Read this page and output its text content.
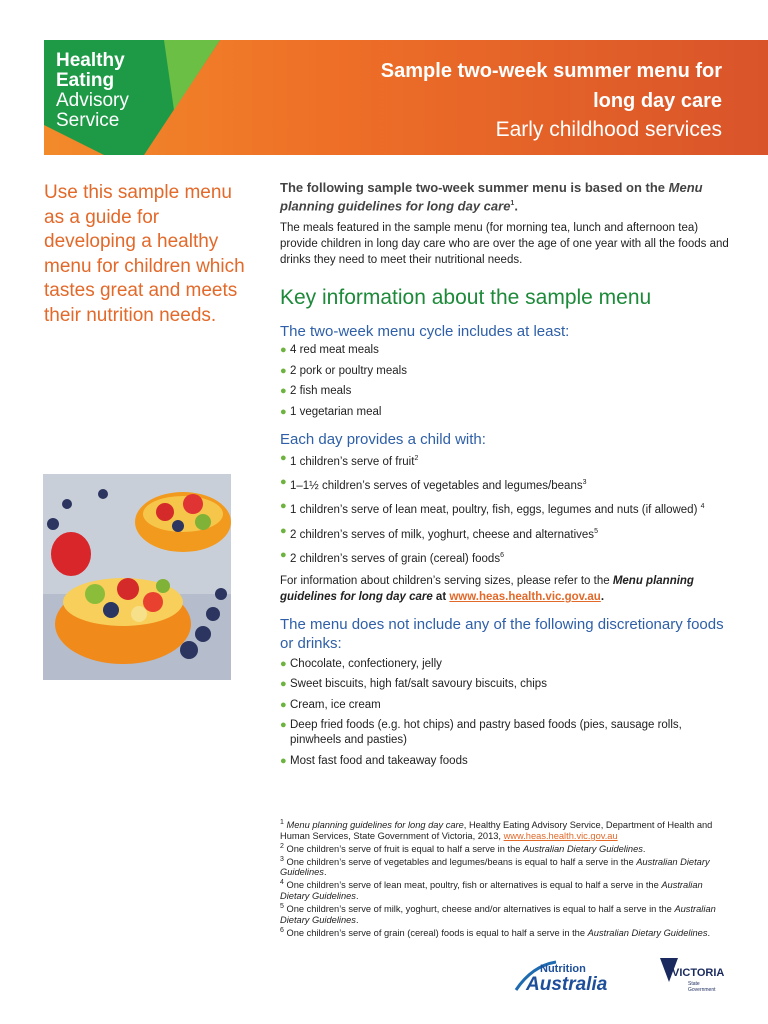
Healthy
Eating
Advisory
Service
Sample two-week summer menu for
long day care
Early childhood services
Use this sample menu as a guide for developing a healthy menu for children which tastes great and meets their nutrition needs.

The following sample two-week summer menu is based on the Menu planning guidelines for long day care$^1$.

The meals featured in the sample menu (for morning tea, lunch and afternoon tea) provide children in long day care who are over the age of one year with all the foods and drinks they need to meet their nutritional needs.

Key information about the sample menu
The two-week menu cycle includes at least:
● 4 red meat meals
● 2 pork or poultry meals
● 2 fish meals
● 1 vegetarian meal
Each day provides a child with:
● 1 children’s serve of fruit$^2$
● 1–1½ children’s serves of vegetables and legumes/beans$^3$
● 1 children’s serve of lean meat, poultry, fish, eggs, legumes and nuts (if allowed) $^4$
● 2 children’s serves of milk, yoghurt, cheese and alternatives$^5$
● 2 children’s serves of grain (cereal) foods$^6$

For information about children’s serving sizes, please refer to the Menu planning guidelines for long day care at www.heas.health.vic.gov.au.

The menu does not include any of the following discretionary foods or drinks:
● Chocolate, confectionery, jelly
● Sweet biscuits, high fat/salt savoury biscuits, chips
● Cream, ice cream
● Deep fried foods (e.g. hot chips) and pastry based foods (pies, sausage rolls, pinwheels and pasties)
● Most fast food and takeaway foods
$^1$ Menu planning guidelines for long day care, Healthy Eating Advisory Service, Department of Health and Human Services, State Government of Victoria, 2013, www.heas.health.vic.gov.au
$^2$ One children’s serve of fruit is equal to half a serve in the Australian Dietary Guidelines.
$^3$ One children’s serve of vegetables and legumes/beans is equal to half a serve in the Australian Dietary Guidelines.
$^4$ One children’s serve of lean meat, poultry, fish or alternatives is equal to half a serve in the Australian Dietary Guidelines.
$^5$ One children’s serve of milk, yoghurt, cheese and/or alternatives is equal to half a serve in the Australian Dietary Guidelines.
$^6$ One children’s serve of grain (cereal) foods is equal to half a serve in the Australian Dietary Guidelines.
Nutrition
Australia
VICTORIA
State
Government
